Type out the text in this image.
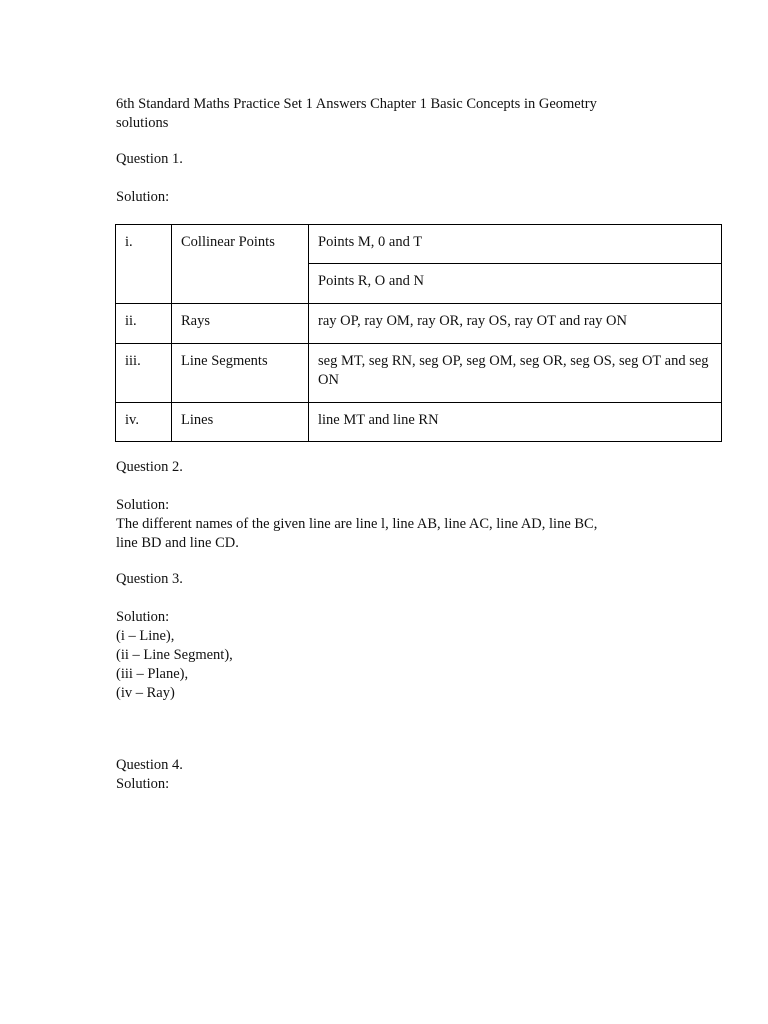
6th Standard Maths Practice Set 1 Answers Chapter 1 Basic Concepts in Geometry
solutions
Question 1.
Solution:
i.	Collinear Points	Points M, 0 and T
		Points R, O and N
ii.	Rays	ray OP, ray OM, ray OR, ray OS, ray OT and ray ON
iii.	Line Segments	seg MT, seg RN, seg OP, seg OM, seg OR, seg OS, seg OT and seg ON
iv.	Lines	line MT and line RN
Question 2.
Solution:
The different names of the given line are line l, line AB, line AC, line AD, line BC,
line BD and line CD.
Question 3.
Solution:
(i – Line),
(ii – Line Segment),
(iii – Plane),
(iv – Ray)
Question 4.
Solution:
